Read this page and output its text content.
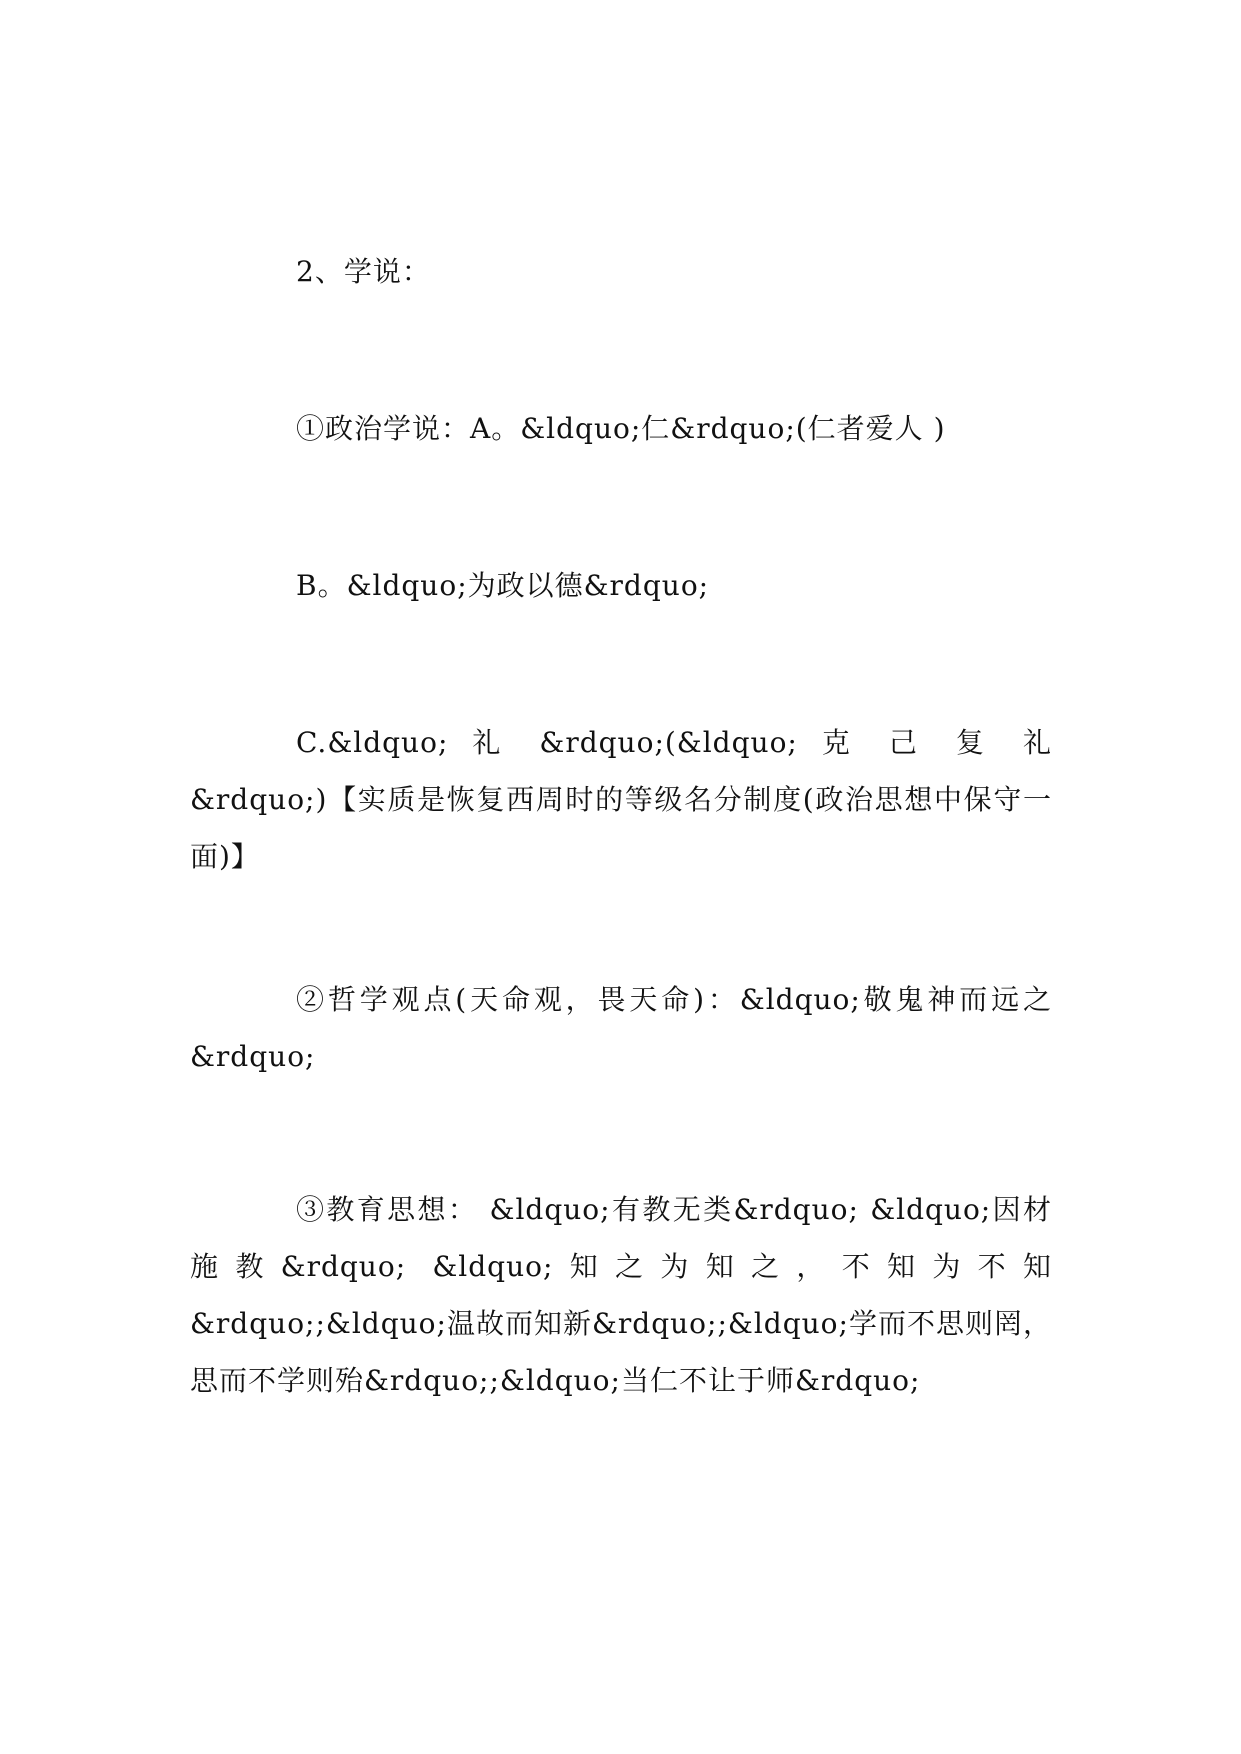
2、学说：

①政治学说：A。&ldquo;仁&rdquo;(仁者爱人 )

B。&ldquo;为政以德&rdquo;

C.&ldquo; 礼 &rdquo;(&ldquo; 克 己 复 礼 &rdquo;)【实质是恢复西周时的等级名分制度(政治思想中保守一面)】

②哲学观点(天命观，畏天命)：&ldquo;敬鬼神而远之&rdquo;

③教育思想： &ldquo;有教无类&rdquo; &ldquo;因材施教&rdquo; &ldquo;知之为知之，不知为不知&rdquo;;&ldquo;温故而知新&rdquo;;&ldquo;学而不思则罔，思而不学则殆&rdquo;;&ldquo;当仁不让于师&rdquo;
